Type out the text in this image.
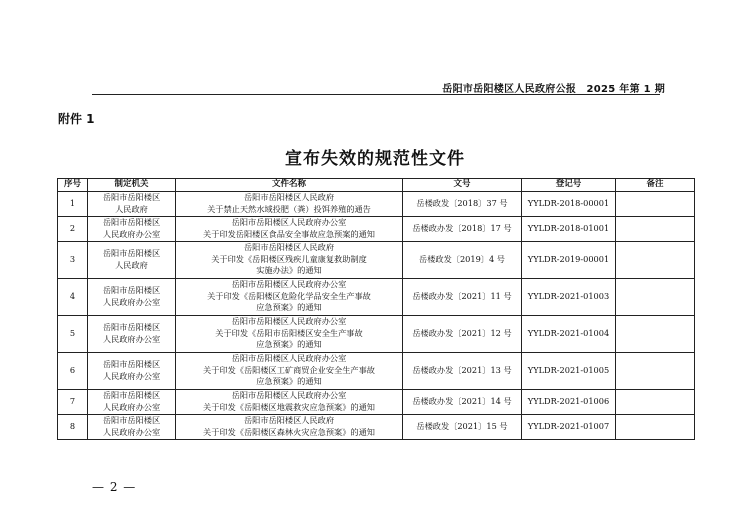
岳阳市岳阳楼区人民政府公报　2025 年第 1 期
附件 1
宣布失效的规范性文件
序号	制定机关	文件名称	文号	登记号	备注
1	岳阳市岳阳楼区
人民政府	岳阳市岳阳楼区人民政府
关于禁止天然水域投肥（粪）投饵养殖的通告	岳楼政发〔2018〕37 号	YYLDR-2018-00001	
2	岳阳市岳阳楼区
人民政府办公室	岳阳市岳阳楼区人民政府办公室
关于印发岳阳楼区食品安全事故应急预案的通知	岳楼政办发〔2018〕17 号	YYLDR-2018-01001	
3	岳阳市岳阳楼区
人民政府	岳阳市岳阳楼区人民政府
关于印发《岳阳楼区残疾儿童康复救助制度
实施办法》的通知	岳楼政发〔2019〕4 号	YYLDR-2019-00001	
4	岳阳市岳阳楼区
人民政府办公室	岳阳市岳阳楼区人民政府办公室
关于印发《岳阳楼区危险化学品安全生产事故
应急预案》的通知	岳楼政办发〔2021〕11 号	YYLDR-2021-01003	
5	岳阳市岳阳楼区
人民政府办公室	岳阳市岳阳楼区人民政府办公室
关于印发《岳阳市岳阳楼区安全生产事故
应急预案》的通知	岳楼政办发〔2021〕12 号	YYLDR-2021-01004	
6	岳阳市岳阳楼区
人民政府办公室	岳阳市岳阳楼区人民政府办公室
关于印发《岳阳楼区工矿商贸企业安全生产事故
应急预案》的通知	岳楼政办发〔2021〕13 号	YYLDR-2021-01005	
7	岳阳市岳阳楼区
人民政府办公室	岳阳市岳阳楼区人民政府办公室
关于印发《岳阳楼区地震救灾应急预案》的通知	岳楼政办发〔2021〕14 号	YYLDR-2021-01006	
8	岳阳市岳阳楼区
人民政府办公室	岳阳市岳阳楼区人民政府
关于印发《岳阳楼区森林火灾应急预案》的通知	岳楼政发〔2021〕15 号	YYLDR-2021-01007	
— 2 —
